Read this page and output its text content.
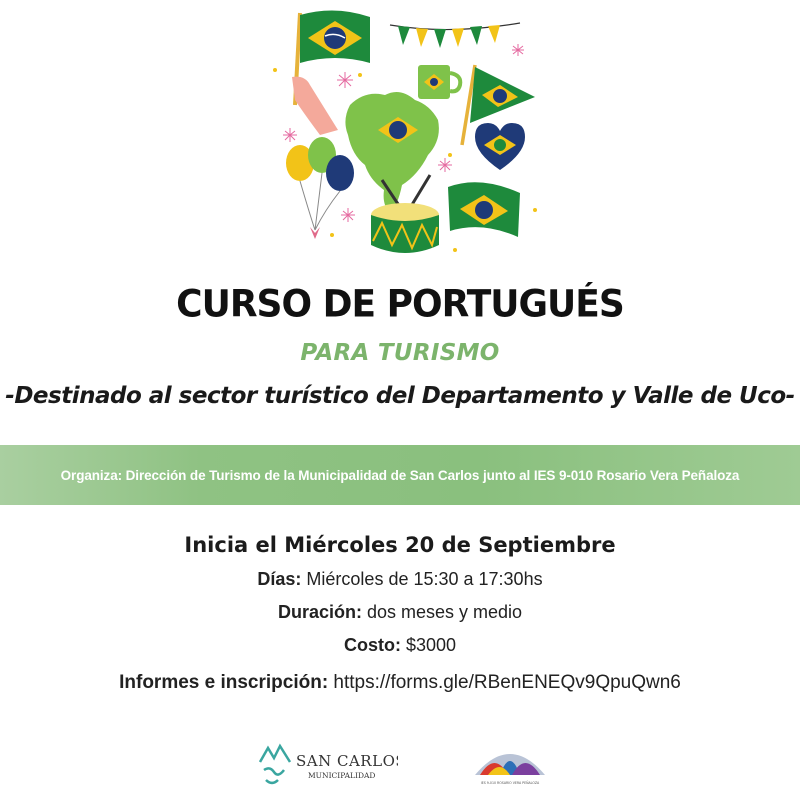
CURSO DE PORTUGUÉS
PARA TURISMO
-Destinado al sector turístico del Departamento y Valle de Uco-
Organiza: Dirección de Turismo de la Municipalidad de San Carlos junto al IES 9-010 Rosario Vera Peñaloza
Inicia el Miércoles 20 de Septiembre
Días: Miércoles de 15:30 a 17:30hs
Duración: dos meses y medio
Costo: $3000
Informes e inscripción: https://forms.gle/RBenENEQv9QpuQwn6
SAN CARLOS
MUNICIPALIDAD
IES 9-010 ROSARIO VERA PEÑALOZA
